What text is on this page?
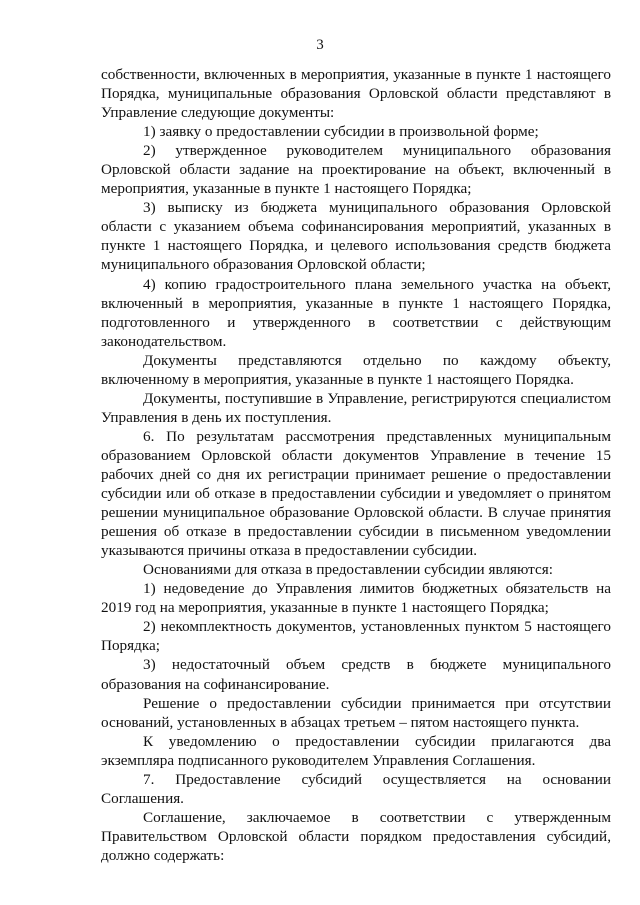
3

собственности, включенных в мероприятия, указанные в пункте 1 настоящего Порядка, муниципальные образования Орловской области представляют в Управление следующие документы:

1) заявку о предоставлении субсидии в произвольной форме;

2) утвержденное руководителем муниципального образования Орловской области задание на проектирование на объект, включенный в мероприятия, указанные в пункте 1 настоящего Порядка;

3) выписку из бюджета муниципального образования Орловской области с указанием объема софинансирования мероприятий, указанных в пункте 1 настоящего Порядка, и целевого использования средств бюджета муниципального образования Орловской области;

4) копию градостроительного плана земельного участка на объект, включенный в мероприятия, указанные в пункте 1 настоящего Порядка, подготовленного и утвержденного в соответствии с действующим законодательством.

Документы представляются отдельно по каждому объекту, включенному в мероприятия, указанные в пункте 1 настоящего Порядка.

Документы, поступившие в Управление, регистрируются специалистом Управления в день их поступления.

6. По результатам рассмотрения представленных муниципальным образованием Орловской области документов Управление в течение 15 рабочих дней со дня их регистрации принимает решение о предоставлении субсидии или об отказе в предоставлении субсидии и уведомляет о принятом решении муниципальное образование Орловской области. В случае принятия решения об отказе в предоставлении субсидии в письменном уведомлении указываются причины отказа в предоставлении субсидии.

Основаниями для отказа в предоставлении субсидии являются:

1) недоведение до Управления лимитов бюджетных обязательств на 2019 год на мероприятия, указанные в пункте 1 настоящего Порядка;

2) некомплектность документов, установленных пунктом 5 настоящего Порядка;

3) недостаточный объем средств в бюджете муниципального образования на софинансирование.

Решение о предоставлении субсидии принимается при отсутствии оснований, установленных в абзацах третьем – пятом настоящего пункта.

К уведомлению о предоставлении субсидии прилагаются два экземпляра подписанного руководителем Управления Соглашения.

7. Предоставление субсидий осуществляется на основании Соглашения.

Соглашение, заключаемое в соответствии с утвержденным Правительством Орловской области порядком предоставления субсидий, должно содержать:
